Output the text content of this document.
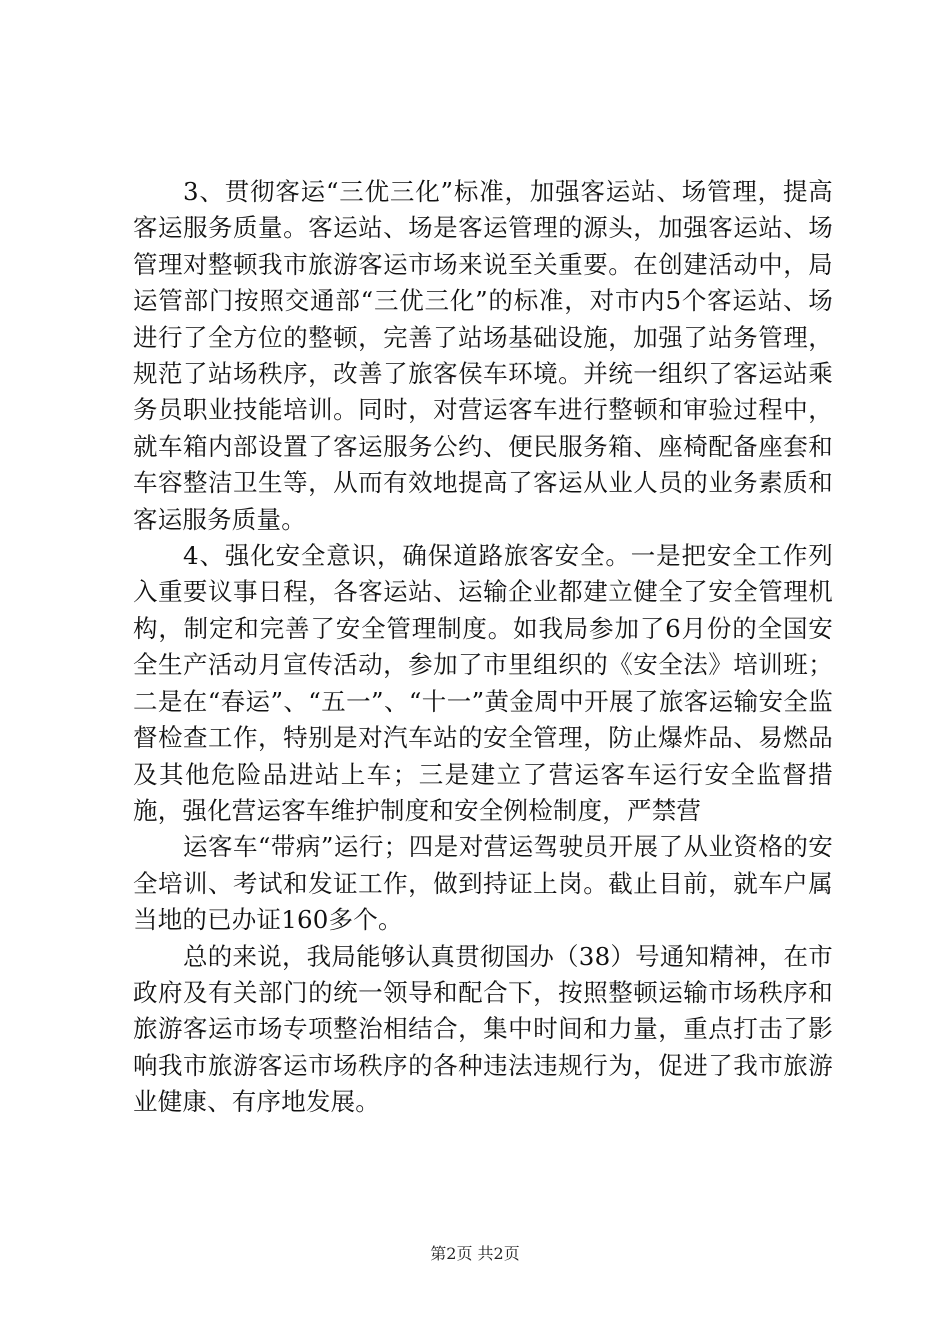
3、贯彻客运“三优三化”标准，加强客运站、场管理，提高客运服务质量。客运站、场是客运管理的源头，加强客运站、场管理对整顿我市旅游客运市场来说至关重要。在创建活动中，局运管部门按照交通部“三优三化”的标准，对市内5个客运站、场进行了全方位的整顿，完善了站场基础设施，加强了站务管理，规范了站场秩序，改善了旅客侯车环境。并统一组织了客运站乘务员职业技能培训。同时，对营运客车进行整顿和审验过程中，就车箱内部设置了客运服务公约、便民服务箱、座椅配备座套和车容整洁卫生等，从而有效地提高了客运从业人员的业务素质和客运服务质量。

4、强化安全意识，确保道路旅客安全。一是把安全工作列入重要议事日程，各客运站、运输企业都建立健全了安全管理机构，制定和完善了安全管理制度。如我局参加了6月份的全国安全生产活动月宣传活动，参加了市里组织的《安全法》培训班；二是在“春运”、“五一”、“十一”黄金周中开展了旅客运输安全监督检查工作，特别是对汽车站的安全管理，防止爆炸品、易燃品及其他危险品进站上车；三是建立了营运客车运行安全监督措施，强化营运客车维护制度和安全例检制度，严禁营

运客车“带病”运行；四是对营运驾驶员开展了从业资格的安全培训、考试和发证工作，做到持证上岗。截止目前，就车户属当地的已办证160多个。

总的来说，我局能够认真贯彻国办（38）号通知精神，在市政府及有关部门的统一领导和配合下，按照整顿运输市场秩序和旅游客运市场专项整治相结合，集中时间和力量，重点打击了影响我市旅游客运市场秩序的各种违法违规行为，促进了我市旅游业健康、有序地发展。

第2页 共2页
